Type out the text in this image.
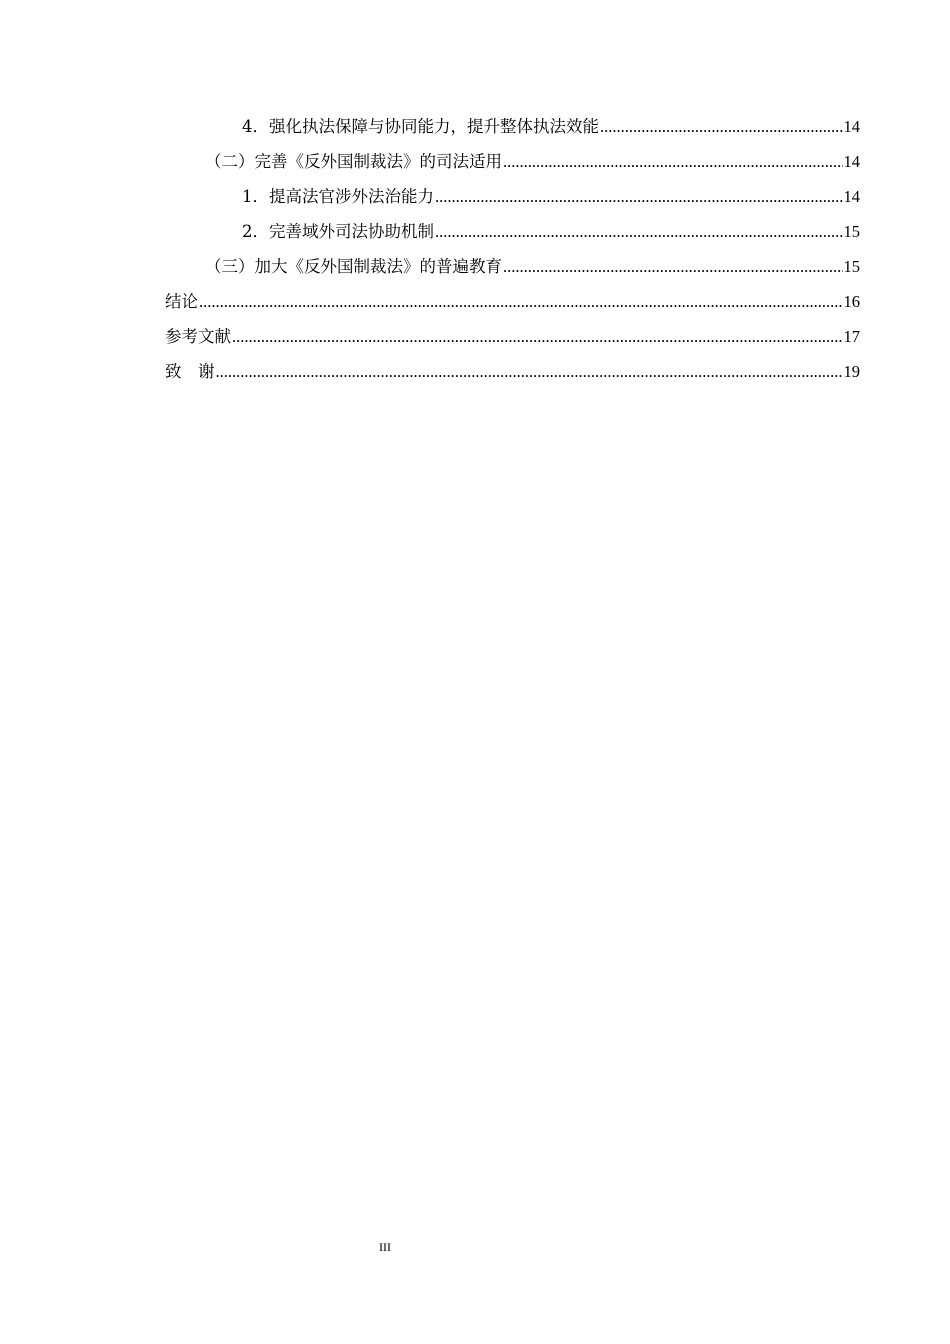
4． 强化执法保障与协同能力，提升整体执法效能 .....	14
（二） 完善《反外国制裁法》的司法适用 .....	14
1． 提高法官涉外法治能力 .....	14
2． 完善域外司法协助机制 .....	15
（三） 加大《反外国制裁法》的普遍教育 .....	15
结论 .....	16
参考文献 .....	17
致　谢 .....	19
III
